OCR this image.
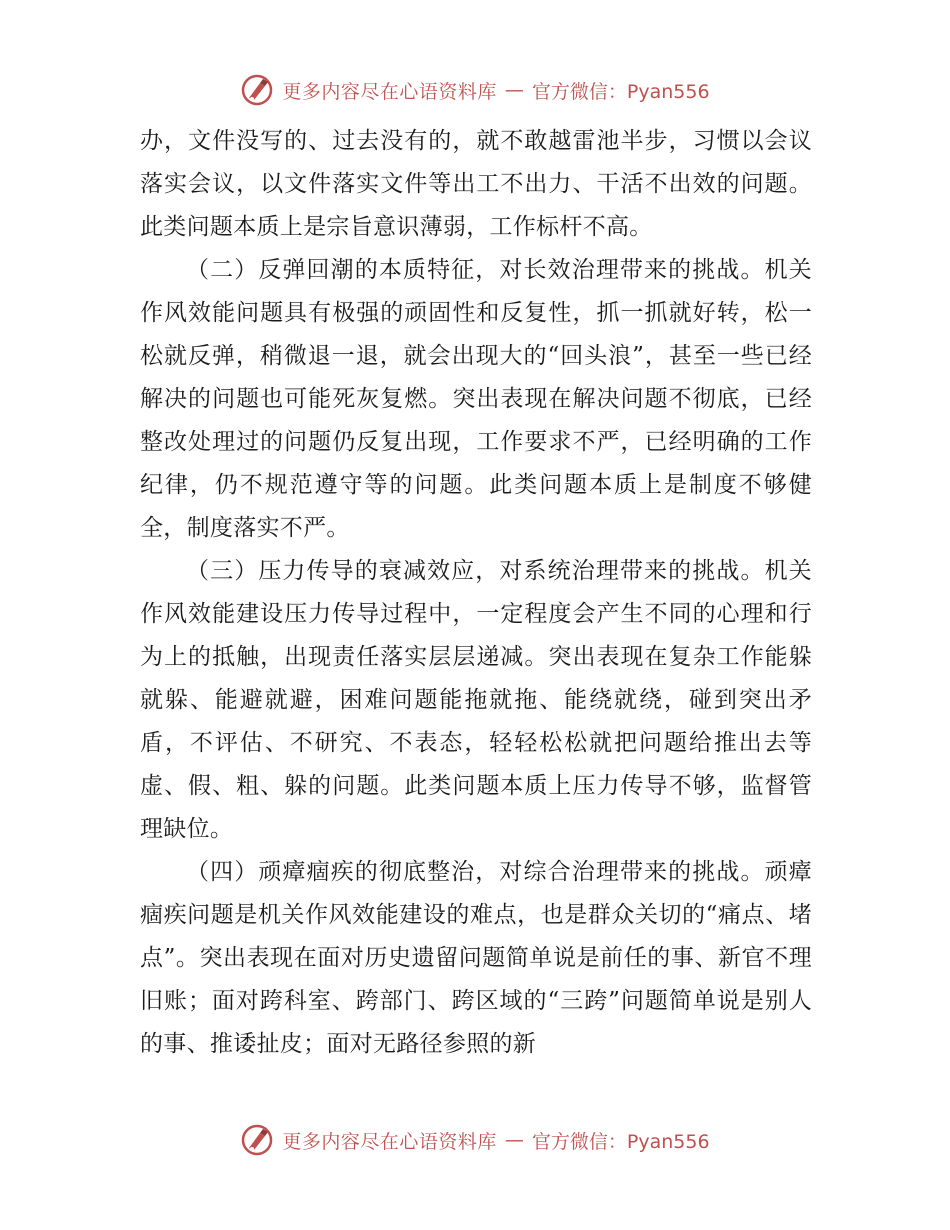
更多内容尽在心语资料库 — 官方微信：Pyan556

办，文件没写的、过去没有的，就不敢越雷池半步，习惯以会议落实会议，以文件落实文件等出工不出力、干活不出效的问题。此类问题本质上是宗旨意识薄弱，工作标杆不高。

（二）反弹回潮的本质特征，对长效治理带来的挑战。机关作风效能问题具有极强的顽固性和反复性，抓一抓就好转，松一松就反弹，稍微退一退，就会出现大的“回头浪”，甚至一些已经解决的问题也可能死灰复燃。突出表现在解决问题不彻底，已经整改处理过的问题仍反复出现，工作要求不严，已经明确的工作纪律，仍不规范遵守等的问题。此类问题本质上是制度不够健全，制度落实不严。

（三）压力传导的衰减效应，对系统治理带来的挑战。机关作风效能建设压力传导过程中，一定程度会产生不同的心理和行为上的抵触，出现责任落实层层递减。突出表现在复杂工作能躲就躲、能避就避，困难问题能拖就拖、能绕就绕，碰到突出矛盾，不评估、不研究、不表态，轻轻松松就把问题给推出去等虚、假、粗、躲的问题。此类问题本质上压力传导不够，监督管理缺位。

（四）顽瘴痼疾的彻底整治，对综合治理带来的挑战。顽瘴痼疾问题是机关作风效能建设的难点，也是群众关切的“痛点、堵点”。突出表现在面对历史遗留问题简单说是前任的事、新官不理旧账；面对跨科室、跨部门、跨区域的“三跨”问题简单说是别人的事、推诿扯皮；面对无路径参照的新

更多内容尽在心语资料库 — 官方微信：Pyan556
